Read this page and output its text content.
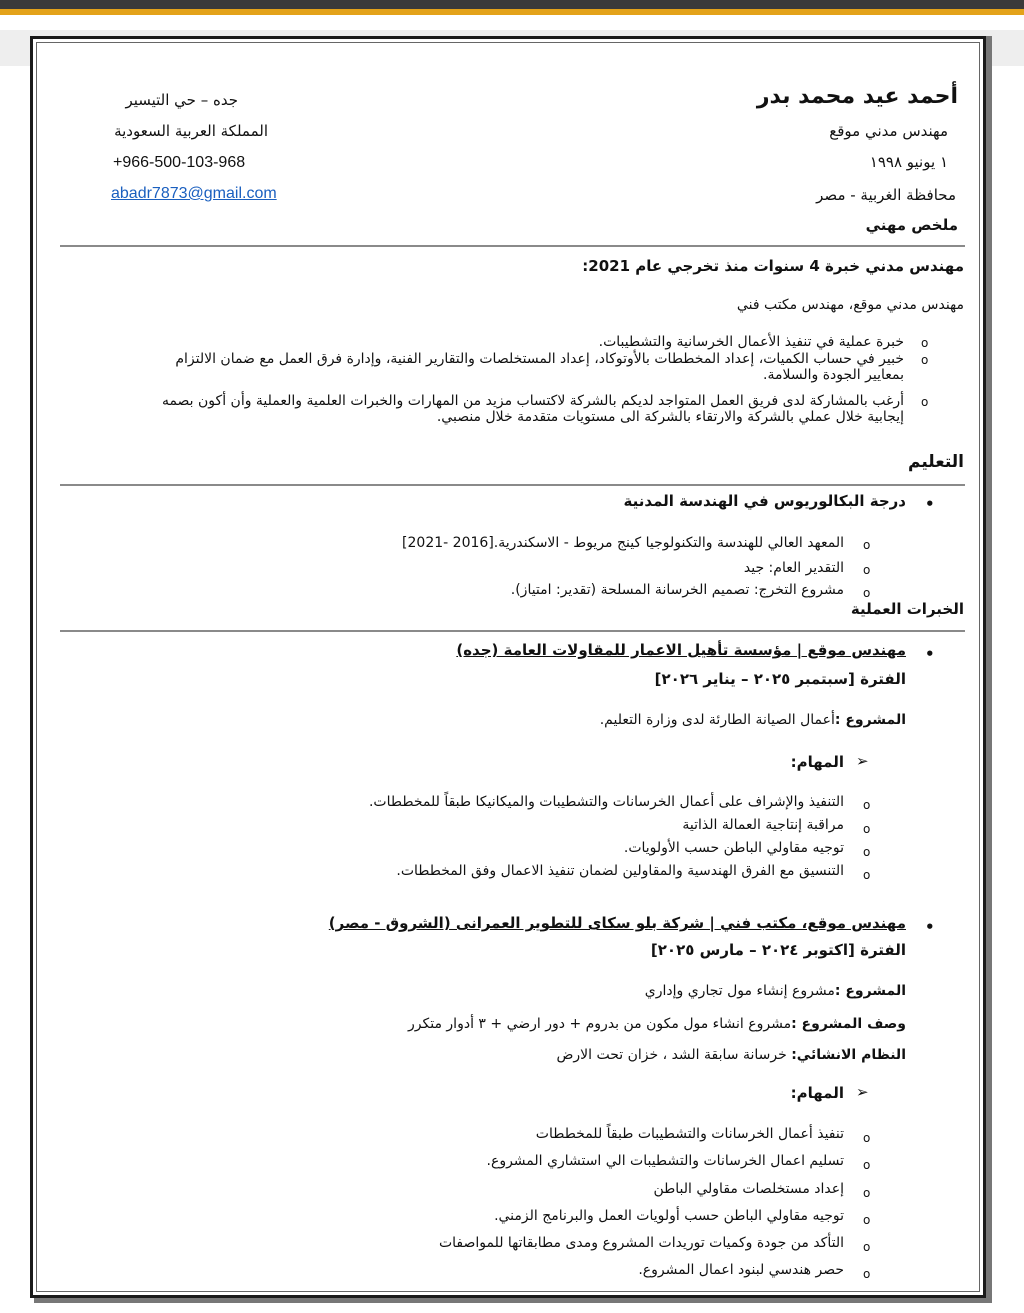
أحمد عيد محمد بدر
مهندس مدني موقع
١ يونيو ١٩٩٨
محافظة الغربية - مصر
جده – حي التيسير
المملكة العربية السعودية
+966-500-103-968
abadr7873@gmail.com
ملخص مهني
مهندس مدني خبرة 4 سنوات منذ تخرجي عام 2021:
مهندس مدني موقع، مهندس مكتب فني
خبرة عملية في تنفيذ الأعمال الخرسانية والتشطيبات. o
خبير في حساب الكميات، إعداد المخططات بالأوتوكاد، إعداد المستخلصات والتقارير الفنية، وإدارة فرق العمل مع ضمان الالتزام
بمعايير الجودة والسلامة.
o
أرغب بالمشاركة لدى فريق العمل المتواجد لديكم بالشركة لاكتساب مزيد من المهارات والخبرات العلمية والعملية وأن أكون بصمه
إيجابية خلال عملي بالشركة والارتقاء بالشركة الى مستويات متقدمة خلال منصبي.
o
التعليم
•
درجة البكالوريوس في الهندسة المدنية
o
المعهد العالي للهندسة والتكنولوجيا كينج مريوط - الاسكندرية.[2016 -2021]
o
التقدير العام: جيد
o
مشروع التخرج: تصميم الخرسانة المسلحة (تقدير: امتياز).
الخبرات العملية
•
مهندس موقع | مؤسسة تأهيل الاعمار للمقاولات العامة (جده)
الفترة [سبتمبر ٢٠٢٥ – يناير ٢٠٢٦]
المشروع :أعمال الصيانة الطارئة لدى وزارة التعليم.
➢
المهام:
o
التنفيذ والإشراف على أعمال الخرسانات والتشطيبات والميكانيكا طبقاً للمخططات.
o
مراقبة إنتاجية العمالة الذاتية
o
توجيه مقاولي الباطن حسب الأولويات.
o
التنسيق مع الفرق الهندسية والمقاولين لضمان تنفيذ الاعمال وفق المخططات.
•
مهندس موقع، مكتب فني | شركة بلو سكاى للتطوير العمرانى (الشروق - مصر)
الفترة [اكتوبر ٢٠٢٤ – مارس ٢٠٢٥]
المشروع :مشروع إنشاء مول تجاري وإداري
وصف المشروع :مشروع انشاء مول مكون من بدروم + دور ارضي + ٣ أدوار متكرر
النظام الانشائي: خرسانة سابقة الشد ، خزان تحت الارض
➢
المهام:
o
تنفيذ أعمال الخرسانات والتشطيبات طبقاً للمخططات
o
تسليم اعمال الخرسانات والتشطيبات الي استشاري المشروع.
o
إعداد مستخلصات مقاولي الباطن
o
توجيه مقاولي الباطن حسب أولويات العمل والبرنامج الزمني.
o
التأكد من جودة وكميات توريدات المشروع ومدى مطابقاتها للمواصفات
o
حصر هندسي لبنود اعمال المشروع.
